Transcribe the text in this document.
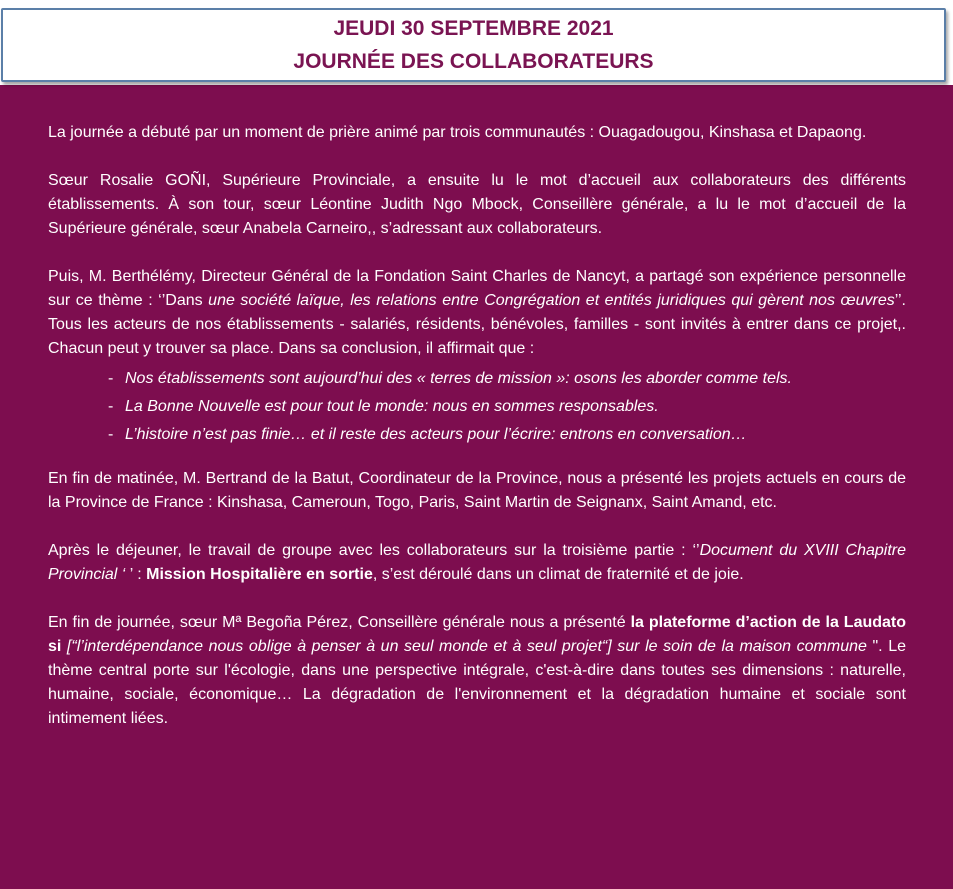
JEUDI 30 SEPTEMBRE 2021
JOURNÉE DES COLLABORATEURS

La journée a débuté par un moment de prière animé par trois communautés : Ouagadougou, Kinshasa et Dapaong.

Sœur Rosalie GOÑI, Supérieure Provinciale, a ensuite lu le mot d’accueil aux collaborateurs des différents établissements. À son tour, sœur Léontine Judith Ngo Mbock, Conseillère générale, a lu le mot d’accueil de la Supérieure générale, sœur Anabela Carneiro,, s’adressant aux collaborateurs.

Puis, M. Berthélémy, Directeur Général de la Fondation Saint Charles de Nancyt, a partagé son expérience personnelle sur ce thème : ‘’Dans une société laïque, les relations entre Congrégation et entités juridiques qui gèrent nos œuvres’’. Tous les acteurs de nos établissements - salariés, résidents, bénévoles, familles - sont invités à entrer dans ce projet,. Chacun peut y trouver sa place. Dans sa conclusion, il affirmait que :

- Nos établissements sont aujourd’hui des « terres de mission »: osons les aborder comme tels.
- La Bonne Nouvelle est pour tout le monde: nous en sommes responsables.
- L’histoire n’est pas finie… et il reste des acteurs pour l’écrire: entrons en conversation…

En fin de matinée, M. Bertrand de la Batut, Coordinateur de la Province, nous a présenté les projets actuels en cours de la Province de France : Kinshasa, Cameroun, Togo, Paris, Saint Martin de Seignanx, Saint Amand, etc.

Après le déjeuner, le travail de groupe avec les collaborateurs sur la troisième partie : ‘’Document du XVIII Chapitre Provincial ‘ ’ : Mission Hospitalière en sortie, s’est déroulé dans un climat de fraternité et de joie.

En fin de journée, sœur Mª Begoña Pérez, Conseillère générale nous a présenté la plateforme d’action de la Laudato si [“l’interdépendance nous oblige à penser à un seul monde et à seul projet“] sur le soin de la maison commune ". Le thème central porte sur l'écologie, dans une perspective intégrale, c'est-à-dire dans toutes ses dimensions : naturelle, humaine, sociale, économique… La dégradation de l'environnement et la dégradation humaine et sociale sont intimement liées.
